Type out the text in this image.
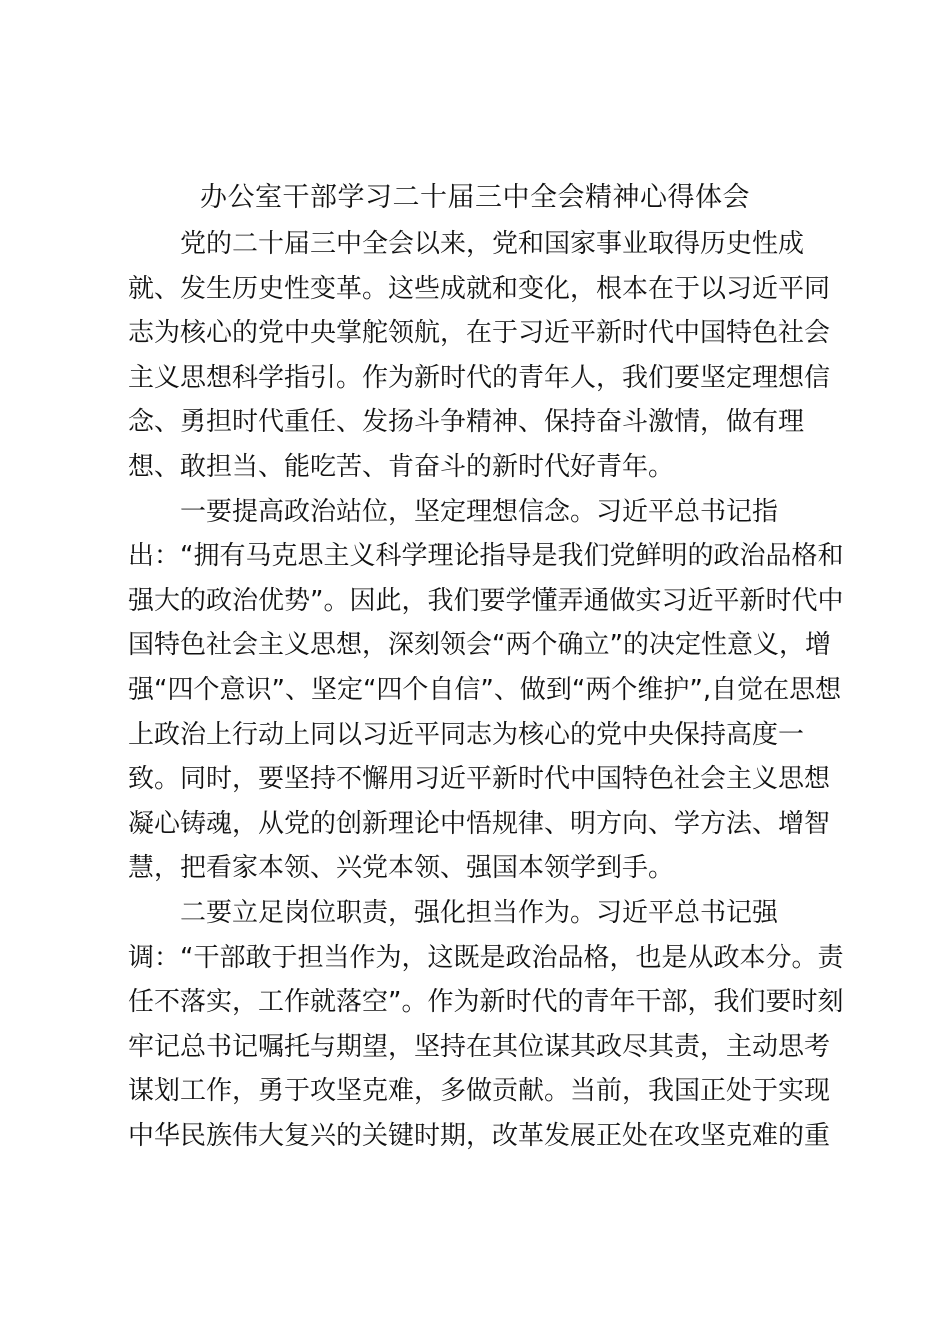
办公室干部学习二十届三中全会精神心得体会
党的二十届三中全会以来，党和国家事业取得历史性成
就、发生历史性变革。这些成就和变化，根本在于以习近平同
志为核心的党中央掌舵领航，在于习近平新时代中国特色社会
主义思想科学指引。作为新时代的青年人，我们要坚定理想信
念、勇担时代重任、发扬斗争精神、保持奋斗激情，做有理
想、敢担当、能吃苦、肯奋斗的新时代好青年。
一要提高政治站位，坚定理想信念。习近平总书记指
出：“拥有马克思主义科学理论指导是我们党鲜明的政治品格和
强大的政治优势”。因此，我们要学懂弄通做实习近平新时代中
国特色社会主义思想，深刻领会“两个确立”的决定性意义，增
强“四个意识”、坚定“四个自信”、做到“两个维护”,自觉在思想
上政治上行动上同以习近平同志为核心的党中央保持高度一
致。同时，要坚持不懈用习近平新时代中国特色社会主义思想
凝心铸魂，从党的创新理论中悟规律、明方向、学方法、增智
慧，把看家本领、兴党本领、强国本领学到手。
二要立足岗位职责，强化担当作为。习近平总书记强
调：“干部敢于担当作为，这既是政治品格，也是从政本分。责
任不落实，工作就落空”。作为新时代的青年干部，我们要时刻
牢记总书记嘱托与期望，坚持在其位谋其政尽其责，主动思考
谋划工作，勇于攻坚克难，多做贡献。当前，我国正处于实现
中华民族伟大复兴的关键时期，改革发展正处在攻坚克难的重
